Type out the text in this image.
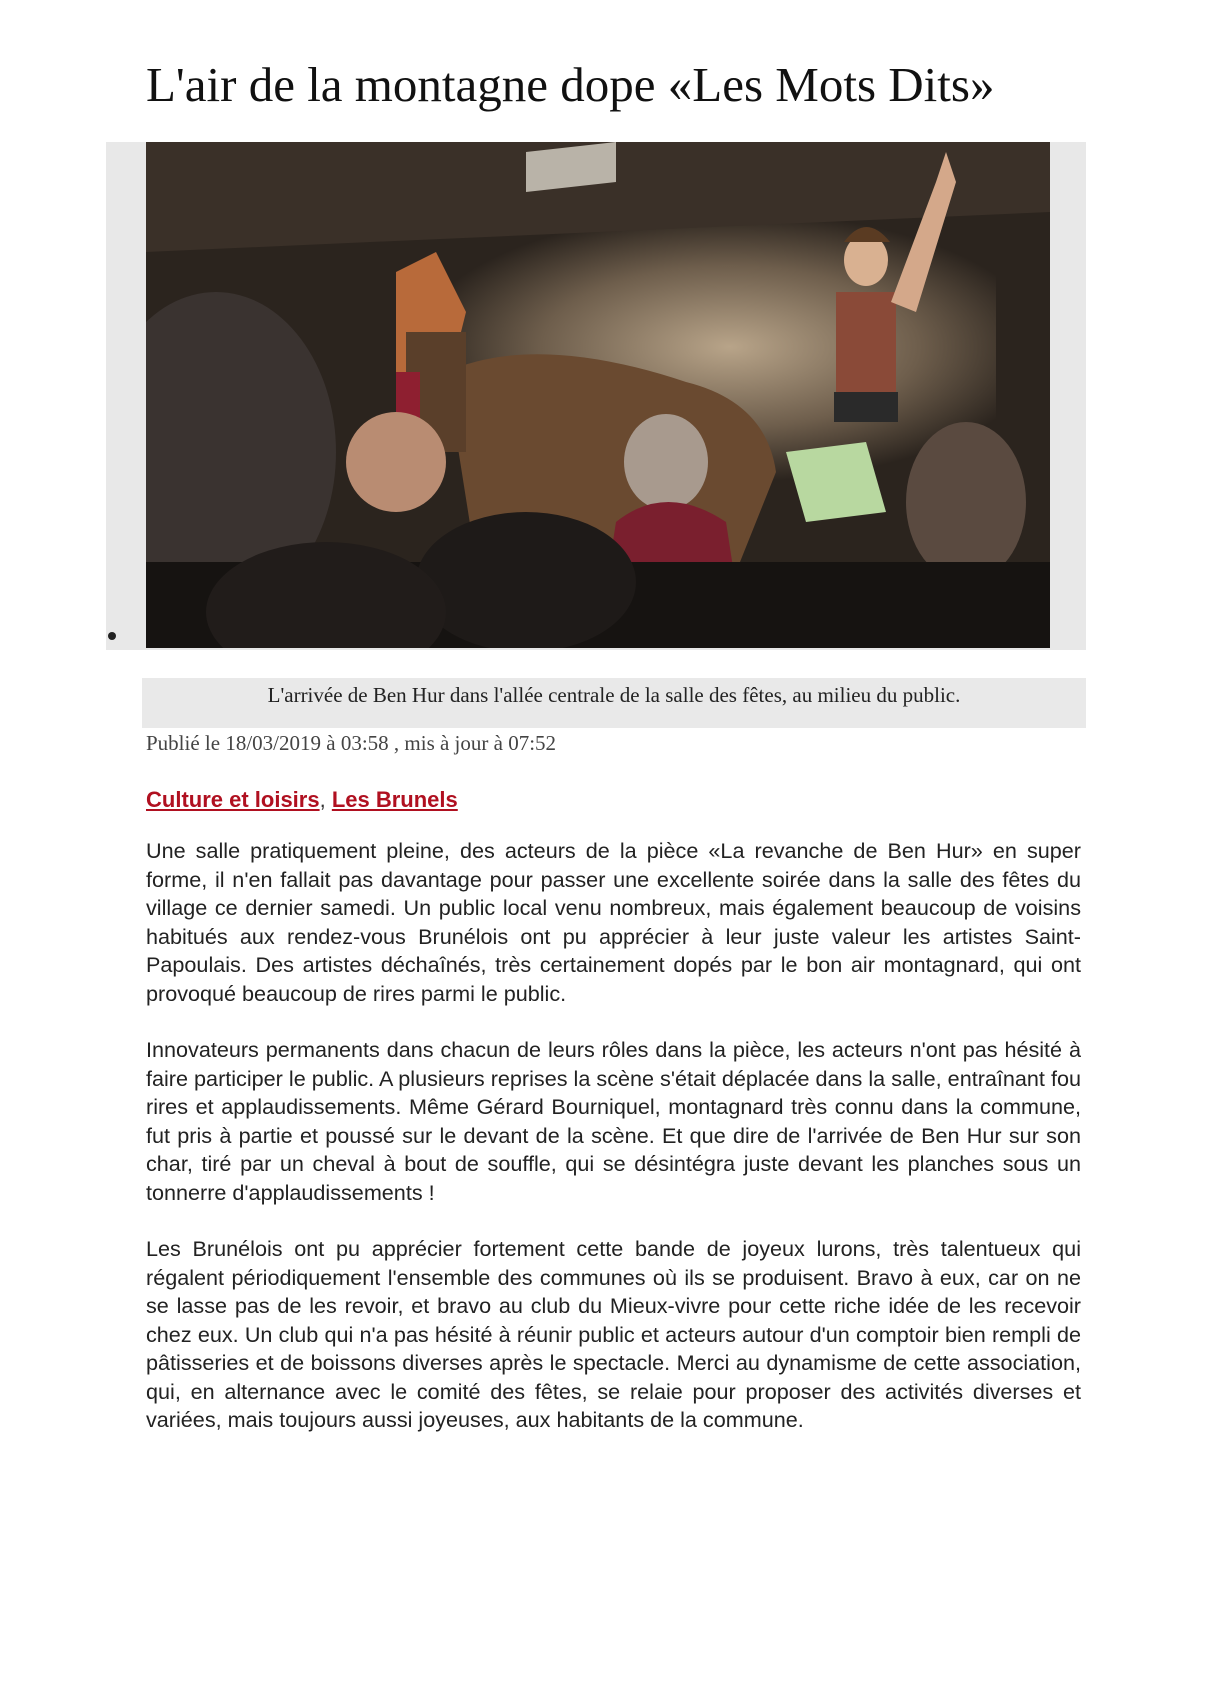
L'air de la montagne dope «Les Mots Dits»
L'arrivée de Ben Hur dans l'allée centrale de la salle des fêtes, au milieu du public.
Publié le 18/03/2019 à 03:58 , mis à jour à 07:52
Culture et loisirs, Les Brunels

Une salle pratiquement pleine, des acteurs de la pièce «La revanche de Ben Hur» en super forme, il n'en fallait pas davantage pour passer une excellente soirée dans la salle des fêtes du village ce dernier samedi. Un public local venu nombreux, mais également beaucoup de voisins habitués aux rendez-vous Brunélois ont pu apprécier à leur juste valeur les artistes Saint-Papoulais. Des artistes déchaînés, très certainement dopés par le bon air montagnard, qui ont provoqué beaucoup de rires parmi le public.

Innovateurs permanents dans chacun de leurs rôles dans la pièce, les acteurs n'ont pas hésité à faire participer le public. A plusieurs reprises la scène s'était déplacée dans la salle, entraînant fou rires et applaudissements. Même Gérard Bourniquel, montagnard très connu dans la commune, fut pris à partie et poussé sur le devant de la scène. Et que dire de l'arrivée de Ben Hur sur son char, tiré par un cheval à bout de souffle, qui se désintégra juste devant les planches sous un tonnerre d'applaudissements !

Les Brunélois ont pu apprécier fortement cette bande de joyeux lurons, très talentueux qui régalent périodiquement l'ensemble des communes où ils se produisent. Bravo à eux, car on ne se lasse pas de les revoir, et bravo au club du Mieux-vivre pour cette riche idée de les recevoir chez eux. Un club qui n'a pas hésité à réunir public et acteurs autour d'un comptoir bien rempli de pâtisseries et de boissons diverses après le spectacle. Merci au dynamisme de cette association, qui, en alternance avec le comité des fêtes, se relaie pour proposer des activités diverses et variées, mais toujours aussi joyeuses, aux habitants de la commune.
